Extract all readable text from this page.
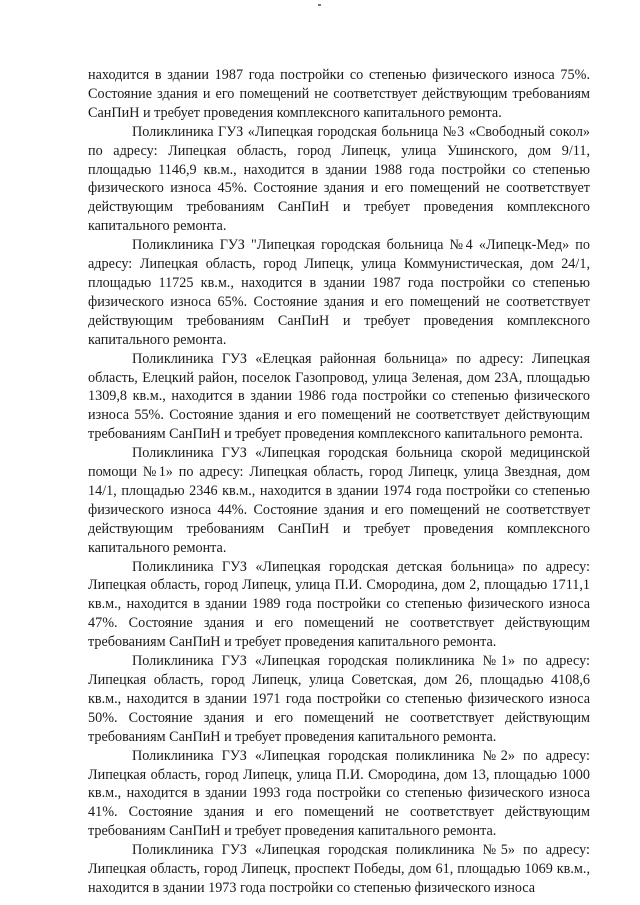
находится в здании 1987 года постройки со степенью физического износа 75%. Состояние здания и его помещений не соответствует действующим требованиям СанПиН и требует проведения комплексного капитального ремонта.

Поликлиника ГУЗ «Липецкая городская больница №3 «Свободный сокол» по адресу: Липецкая область, город Липецк, улица Ушинского, дом 9/11, площадью 1146,9 кв.м., находится в здании 1988 года постройки со степенью физического износа 45%. Состояние здания и его помещений не соответствует действующим требованиям СанПиН и требует проведения комплексного капитального ремонта.

Поликлиника ГУЗ "Липецкая городская больница №4 «Липецк-Мед» по адресу: Липецкая область, город Липецк, улица Коммунистическая, дом 24/1, площадью 11725 кв.м., находится в здании 1987 года постройки со степенью физического износа 65%. Состояние здания и его помещений не соответствует действующим требованиям СанПиН и требует проведения комплексного капитального ремонта.

Поликлиника ГУЗ «Елецкая районная больница» по адресу: Липецкая область, Елецкий район, поселок Газопровод, улица Зеленая, дом 23А, площадью 1309,8 кв.м., находится в здании 1986 года постройки со степенью физического износа 55%. Состояние здания и его помещений не соответствует действующим требованиям СанПиН и требует проведения комплексного капитального ремонта.

Поликлиника ГУЗ «Липецкая городская больница скорой медицинской помощи №1» по адресу: Липецкая область, город Липецк, улица Звездная, дом 14/1, площадью 2346 кв.м., находится в здании 1974 года постройки со степенью физического износа 44%. Состояние здания и его помещений не соответствует действующим требованиям СанПиН и требует проведения комплексного капитального ремонта.

Поликлиника ГУЗ «Липецкая городская детская больница» по адресу: Липецкая область, город Липецк, улица П.И. Смородина, дом 2, площадью 1711,1 кв.м., находится в здании 1989 года постройки со степенью физического износа 47%. Состояние здания и его помещений не соответствует действующим требованиям СанПиН и требует проведения капитального ремонта.

Поликлиника ГУЗ «Липецкая городская поликлиника №1» по адресу: Липецкая область, город Липецк, улица Советская, дом 26, площадью 4108,6 кв.м., находится в здании 1971 года постройки со степенью физического износа 50%. Состояние здания и его помещений не соответствует действующим требованиям СанПиН и требует проведения капитального ремонта.

Поликлиника ГУЗ «Липецкая городская поликлиника №2» по адресу: Липецкая область, город Липецк, улица П.И. Смородина, дом 13, площадью 1000 кв.м., находится в здании 1993 года постройки со степенью физического износа 41%. Состояние здания и его помещений не соответствует действующим требованиям СанПиН и требует проведения капитального ремонта.

Поликлиника ГУЗ «Липецкая городская поликлиника №5» по адресу: Липецкая область, город Липецк, проспект Победы, дом 61, площадью 1069 кв.м., находится в здании 1973 года постройки со степенью физического износа
